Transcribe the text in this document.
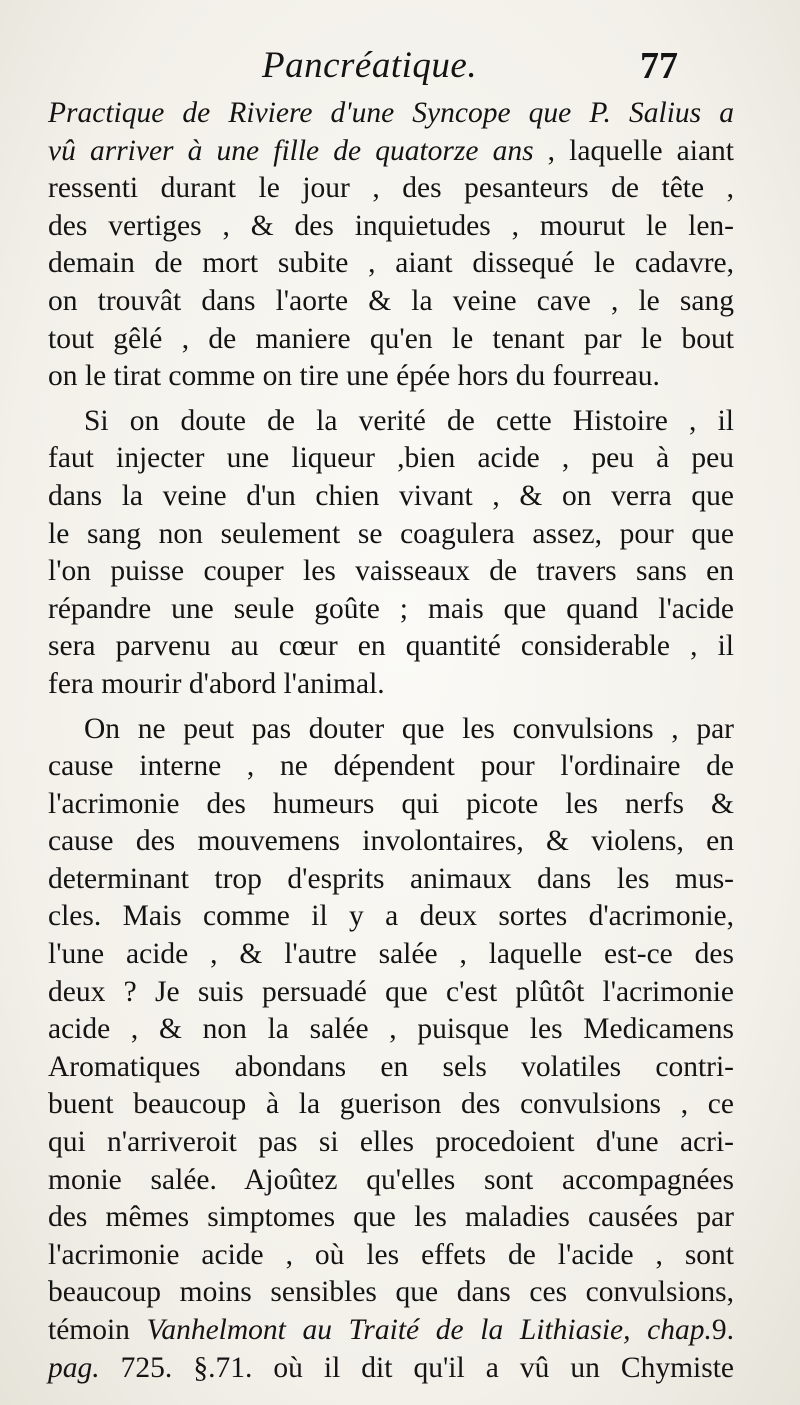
Pancréatique.	77
Practique de Riviere d'une Syncope que P. Salius a
vû arriver à une fille de quatorze ans , laquelle aiant
ressenti durant le jour , des pesanteurs de tête ,
des vertiges , & des inquietudes , mourut le len-
demain de mort subite , aiant dissequé le cadavre,
on trouvât dans l'aorte & la veine cave , le sang
tout gêlé , de maniere qu'en le tenant par le bout
on le tirat comme on tire une épée hors du fourreau.
Si on doute de la verité de cette Histoire , il
faut injecter une liqueur ,bien acide , peu à peu
dans la veine d'un chien vivant , & on verra que
le sang non seulement se coagulera assez, pour que
l'on puisse couper les vaisseaux de travers sans en
répandre une seule goûte ; mais que quand l'acide
sera parvenu au cœur en quantité considerable , il
fera mourir d'abord l'animal.
On ne peut pas douter que les convulsions , par
cause interne , ne dépendent pour l'ordinaire de
l'acrimonie des humeurs qui picote les nerfs &
cause des mouvemens involontaires, & violens, en
determinant trop d'esprits animaux dans les mus-
cles. Mais comme il y a deux sortes d'acrimonie,
l'une acide , & l'autre salée , laquelle est-ce des
deux ? Je suis persuadé que c'est plûtôt l'acrimonie
acide , & non la salée , puisque les Medicamens
Aromatiques abondans en sels volatiles contri-
buent beaucoup à la guerison des convulsions , ce
qui n'arriveroit pas si elles procedoient d'une acri-
monie salée. Ajoûtez qu'elles sont accompagnées
des mêmes simptomes que les maladies causées par
l'acrimonie acide , où les effets de l'acide , sont
beaucoup moins sensibles que dans ces convulsions,
témoin Vanhelmont au Traité de la Lithiasie, chap.9.
pag. 725. §.71. où il dit qu'il a vû un Chymiste
